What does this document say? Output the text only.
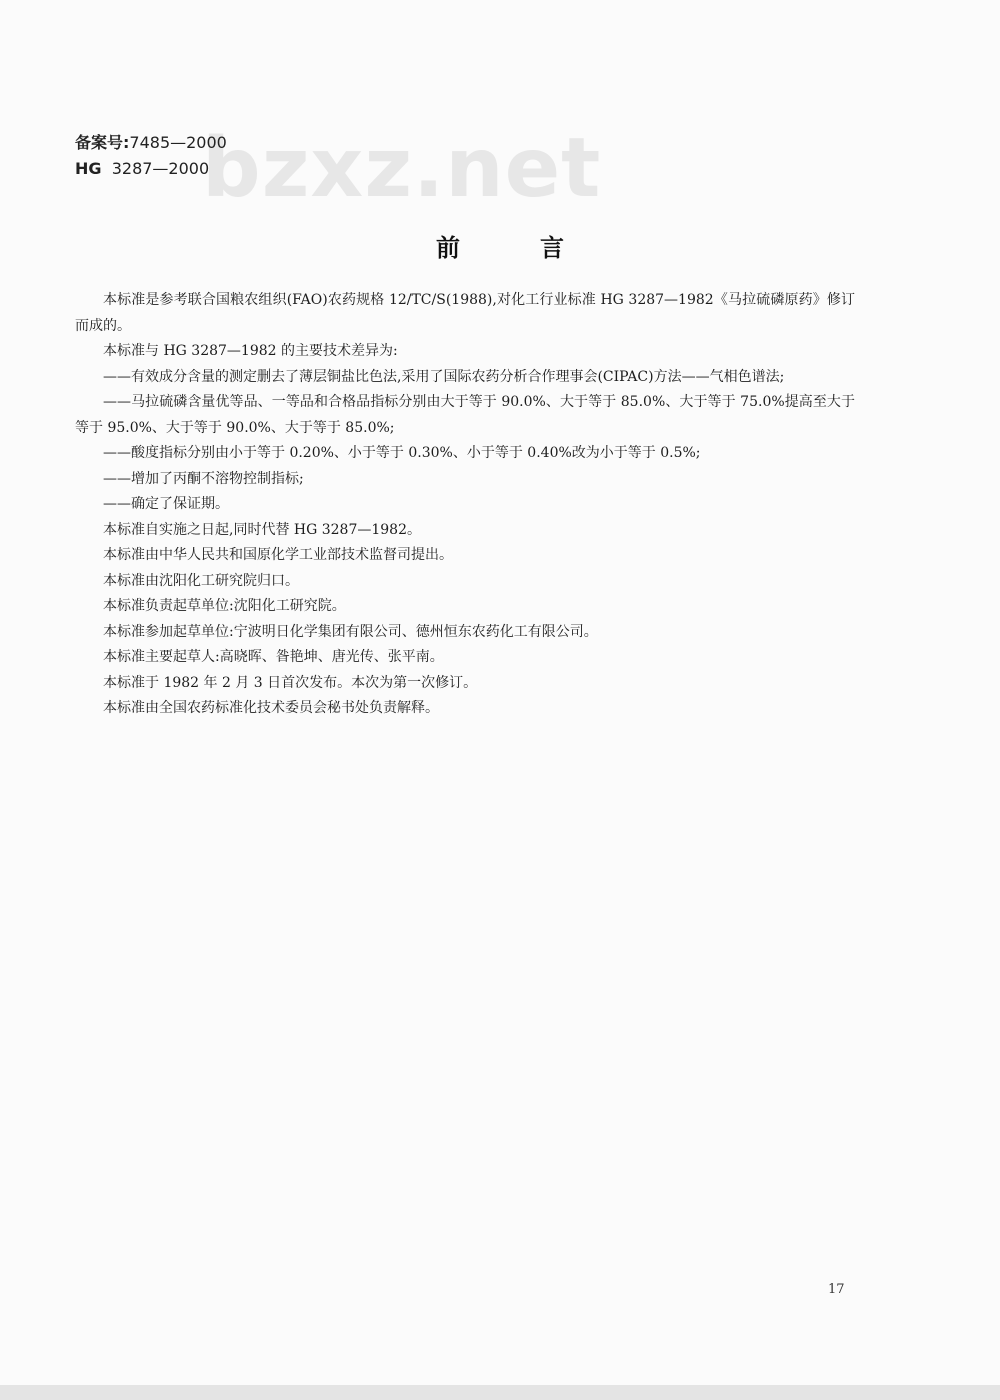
bzxz.net
备案号:7485—2000
HG 3287—2000
前言

本标准是参考联合国粮农组织(FAO)农药规格 12/TC/S(1988),对化工行业标准 HG 3287—1982《马拉硫磷原药》修订而成的。

本标准与 HG 3287—1982 的主要技术差异为:

——有效成分含量的测定删去了薄层铜盐比色法,采用了国际农药分析合作理事会(CIPAC)方法——气相色谱法;

——马拉硫磷含量优等品、一等品和合格品指标分别由大于等于 90.0%、大于等于 85.0%、大于等于 75.0%提高至大于等于 95.0%、大于等于 90.0%、大于等于 85.0%;

——酸度指标分别由小于等于 0.20%、小于等于 0.30%、小于等于 0.40%改为小于等于 0.5%;

——增加了丙酮不溶物控制指标;

——确定了保证期。

本标准自实施之日起,同时代替 HG 3287—1982。

本标准由中华人民共和国原化学工业部技术监督司提出。

本标准由沈阳化工研究院归口。

本标准负责起草单位:沈阳化工研究院。

本标准参加起草单位:宁波明日化学集团有限公司、德州恒东农药化工有限公司。

本标准主要起草人:高晓晖、昝艳坤、唐光传、张平南。

本标准于 1982 年 2 月 3 日首次发布。本次为第一次修订。

本标准由全国农药标准化技术委员会秘书处负责解释。

17
